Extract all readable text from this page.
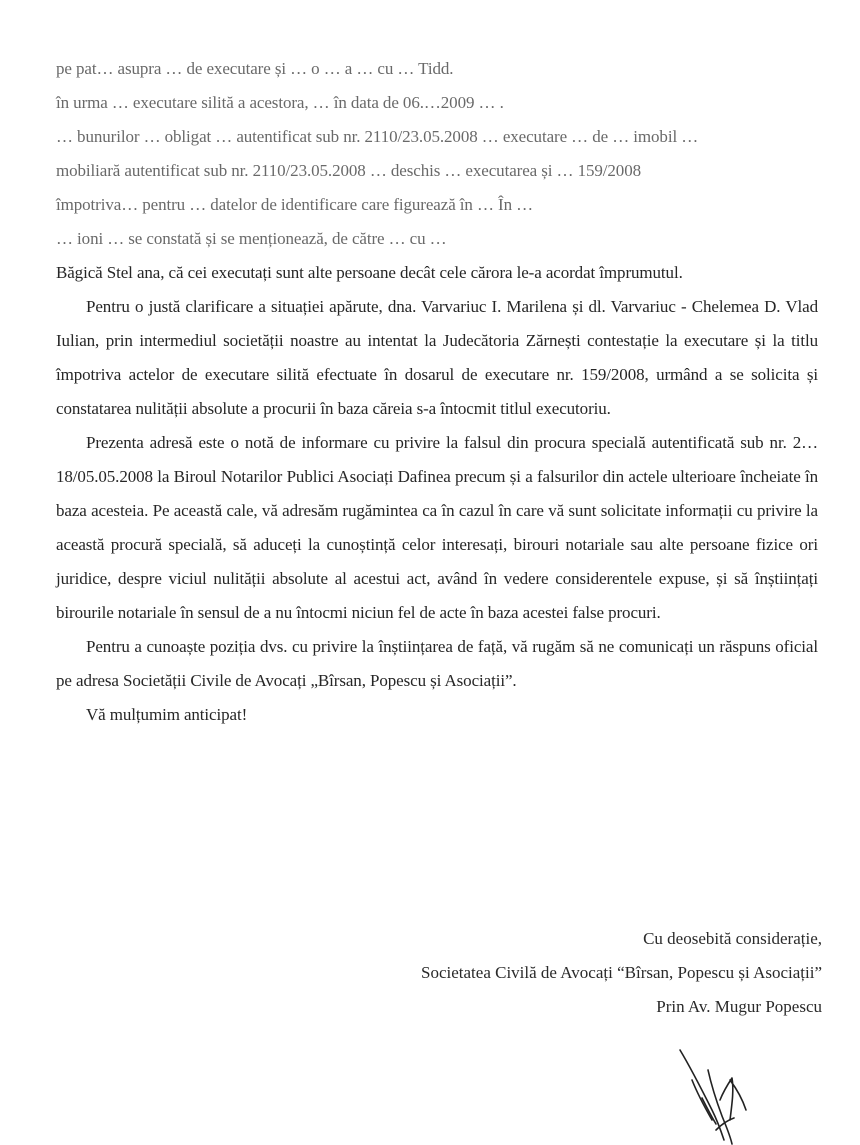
pe pat… asupra … de executare și … o … a … cu … Tidd.

în urma … executare silită a acestora, … în data de 06.…2009 … .

… bunurilor … obligat … autentificat sub nr. 2110/23.05.2008 … executare … de … imobil …

mobiliară autentificat sub nr. 2110/23.05.2008 … deschis … executarea și … 159/2008

împotriva… pentru … datelor de identificare care figurează în … În …

… ioni … se constată și se menționează, de către … cu …

Băgică Stel ana, că cei executați sunt alte persoane decât cele cărora le-a acordat împrumutul.

Pentru o justă clarificare a situației apărute, dna. Varvariuc I. Marilena și dl. Varvariuc - Chelemea D. Vlad Iulian, prin intermediul societății noastre au intentat la Judecătoria Zărnești contestație la executare și la titlu împotriva actelor de executare silită efectuate în dosarul de executare nr. 159/2008, urmând a se solicita și constatarea nulității absolute a procurii în baza căreia s-a întocmit titlul executoriu.

Prezenta adresă este o notă de informare cu privire la falsul din procura specială autentificată sub nr. 2…18/05.05.2008 la Biroul Notarilor Publici Asociați Dafinea precum și a falsurilor din actele ulterioare încheiate în baza acesteia. Pe această cale, vă adresăm rugămintea ca în cazul în care vă sunt solicitate informații cu privire la această procură specială, să aduceți la cunoștință celor interesați, birouri notariale sau alte persoane fizice ori juridice, despre viciul nulității absolute al acestui act, având în vedere considerentele expuse, și să înștiințați birourile notariale în sensul de a nu întocmi niciun fel de acte în baza acestei false procuri.

Pentru a cunoaște poziția dvs. cu privire la înștiințarea de față, vă rugăm să ne comunicați un răspuns oficial pe adresa Societății Civile de Avocați „Bîrsan, Popescu și Asociații”.

Vă mulțumim anticipat!

Cu deosebită considerație,
Societatea Civilă de Avocați “Bîrsan, Popescu și Asociații”
Prin Av. Mugur Popescu
